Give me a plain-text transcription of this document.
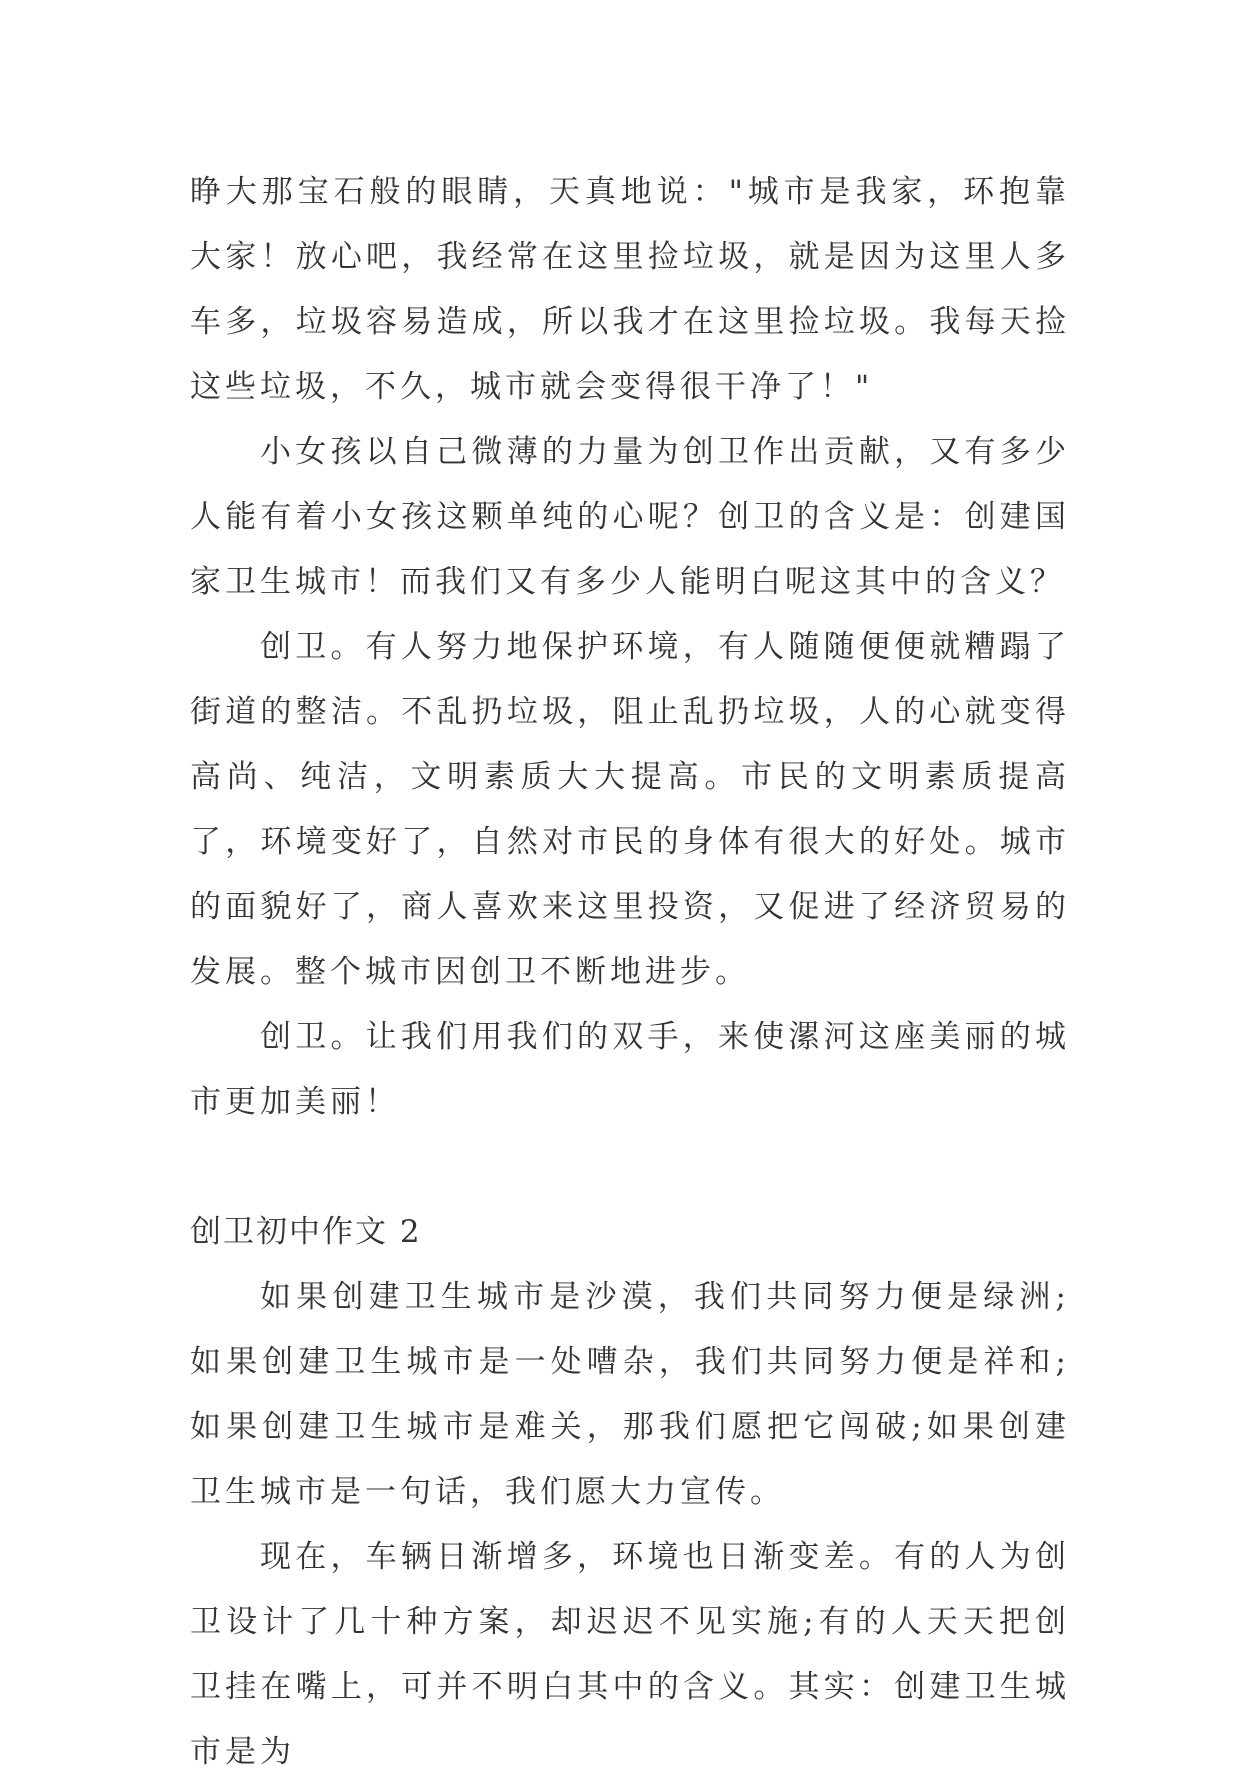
睁大那宝石般的眼睛，天真地说："城市是我家，环抱靠大家！放心吧，我经常在这里捡垃圾，就是因为这里人多车多，垃圾容易造成，所以我才在这里捡垃圾。我每天捡这些垃圾，不久，城市就会变得很干净了！"

小女孩以自己微薄的力量为创卫作出贡献，又有多少人能有着小女孩这颗单纯的心呢？创卫的含义是：创建国家卫生城市！而我们又有多少人能明白呢这其中的含义？

创卫。有人努力地保护环境，有人随随便便就糟蹋了街道的整洁。不乱扔垃圾，阻止乱扔垃圾，人的心就变得高尚、纯洁，文明素质大大提高。市民的文明素质提高了，环境变好了，自然对市民的身体有很大的好处。城市的面貌好了，商人喜欢来这里投资，又促进了经济贸易的发展。整个城市因创卫不断地进步。

创卫。让我们用我们的双手，来使漯河这座美丽的城市更加美丽！

创卫初中作文 2

如果创建卫生城市是沙漠，我们共同努力便是绿洲;如果创建卫生城市是一处嘈杂，我们共同努力便是祥和;如果创建卫生城市是难关，那我们愿把它闯破;如果创建卫生城市是一句话，我们愿大力宣传。

现在，车辆日渐增多，环境也日渐变差。有的人为创卫设计了几十种方案，却迟迟不见实施;有的人天天把创卫挂在嘴上，可并不明白其中的含义。其实：创建卫生城市是为
